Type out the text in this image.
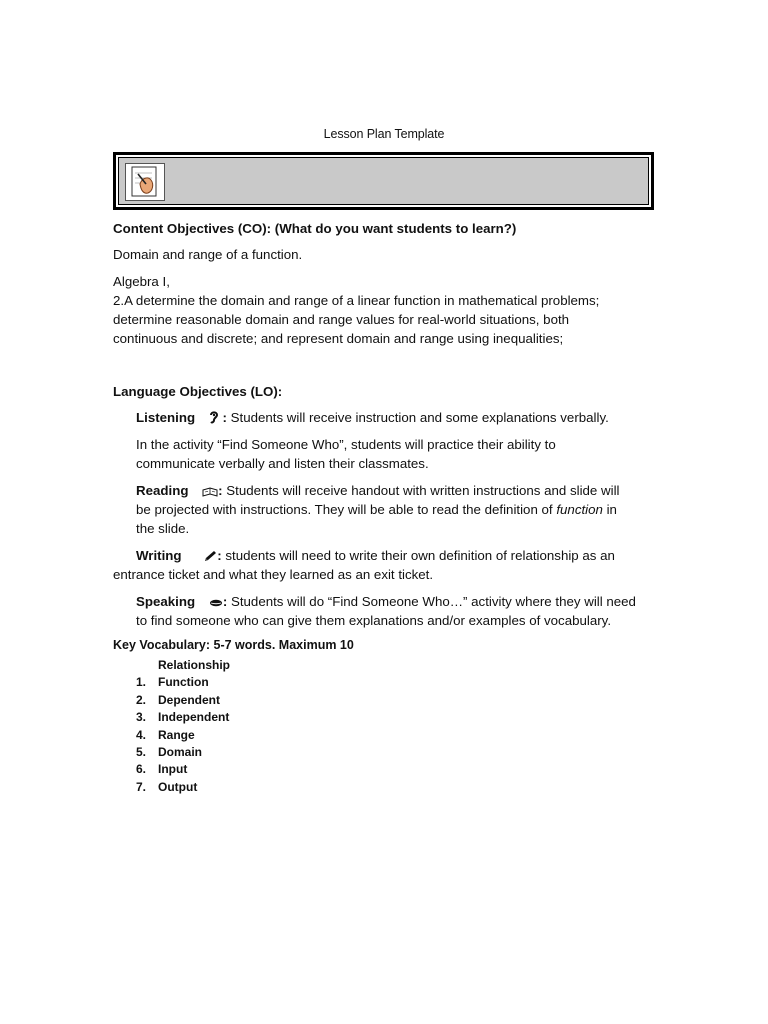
Lesson Plan Template
Content Objectives (CO): (What do you want students to learn?)
Domain and range of a function.
Algebra I,
2.A determine the domain and range of a linear function in mathematical problems;
determine reasonable domain and range values for real-world situations, both
continuous and discrete; and represent domain and range using inequalities;
Language Objectives (LO):
Listening  : Students will receive instruction and some explanations verbally.
In the activity “Find Someone Who”, students will practice their ability to
communicate verbally and listen their classmates.
Reading : Students will receive handout with written instructions and slide will
be projected with instructions. They will be able to read the definition of function in
the slide.
Writing	: students will need to write their own definition of relationship as an
entrance ticket and what they learned as an exit ticket.
Speaking : Students will do “Find Someone Who…” activity where they will need
to find someone who can give them explanations and/or examples of vocabulary.
Key Vocabulary: 5-7 words. Maximum 10
Relationship
1. Function
2. Dependent
3. Independent
4. Range
5. Domain
6. Input
7. Output
